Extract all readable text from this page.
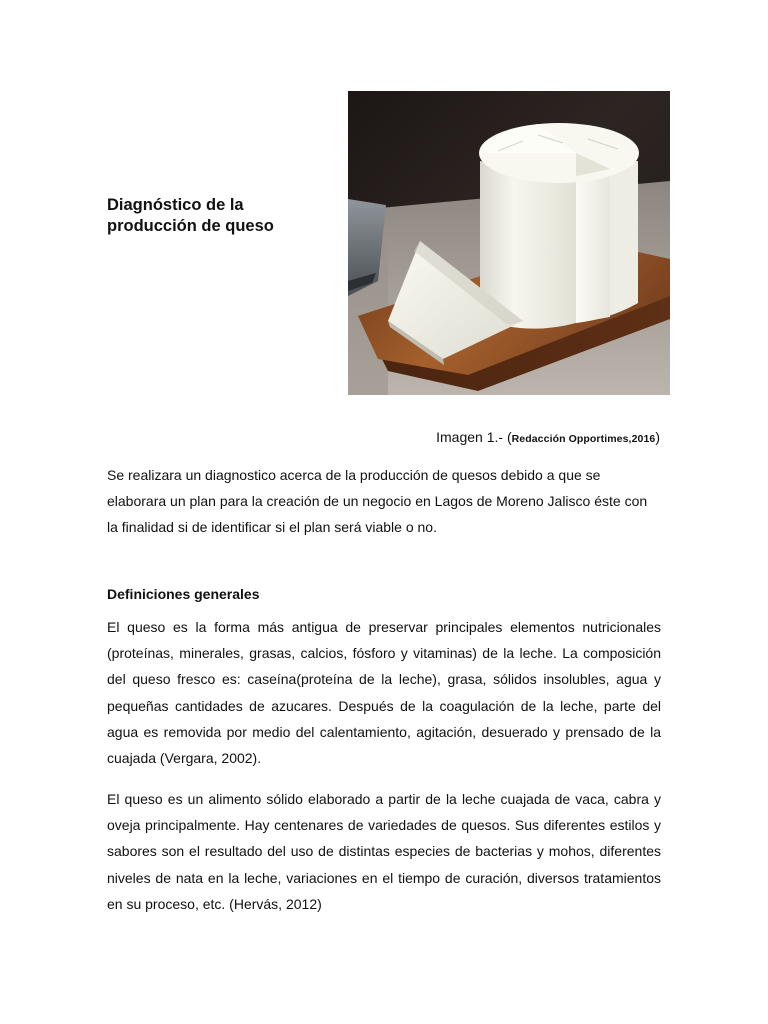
Diagnóstico de la
producción de queso
Imagen 1.- (Redacción Opportimes,2016)

Se realizara un diagnostico acerca de la producción de quesos debido a que se elaborara un plan para la creación de un negocio en Lagos de Moreno Jalisco éste con la finalidad si de identificar si el plan será viable o no.

Definiciones generales

El queso es la forma más antigua de preservar principales elementos nutricionales (proteínas, minerales, grasas, calcios, fósforo y vitaminas) de la leche. La composición del queso fresco es: caseína(proteína de la leche), grasa, sólidos insolubles, agua y pequeñas cantidades de azucares. Después de la coagulación de la leche, parte del agua es removida por medio del calentamiento, agitación, desuerado y prensado de la cuajada (Vergara, 2002).

El queso es un alimento sólido elaborado a partir de la leche cuajada de vaca, cabra y oveja principalmente. Hay centenares de variedades de quesos. Sus diferentes estilos y sabores son el resultado del uso de distintas especies de bacterias y mohos, diferentes niveles de nata en la leche, variaciones en el tiempo de curación, diversos tratamientos en su proceso, etc. (Hervás, 2012)
